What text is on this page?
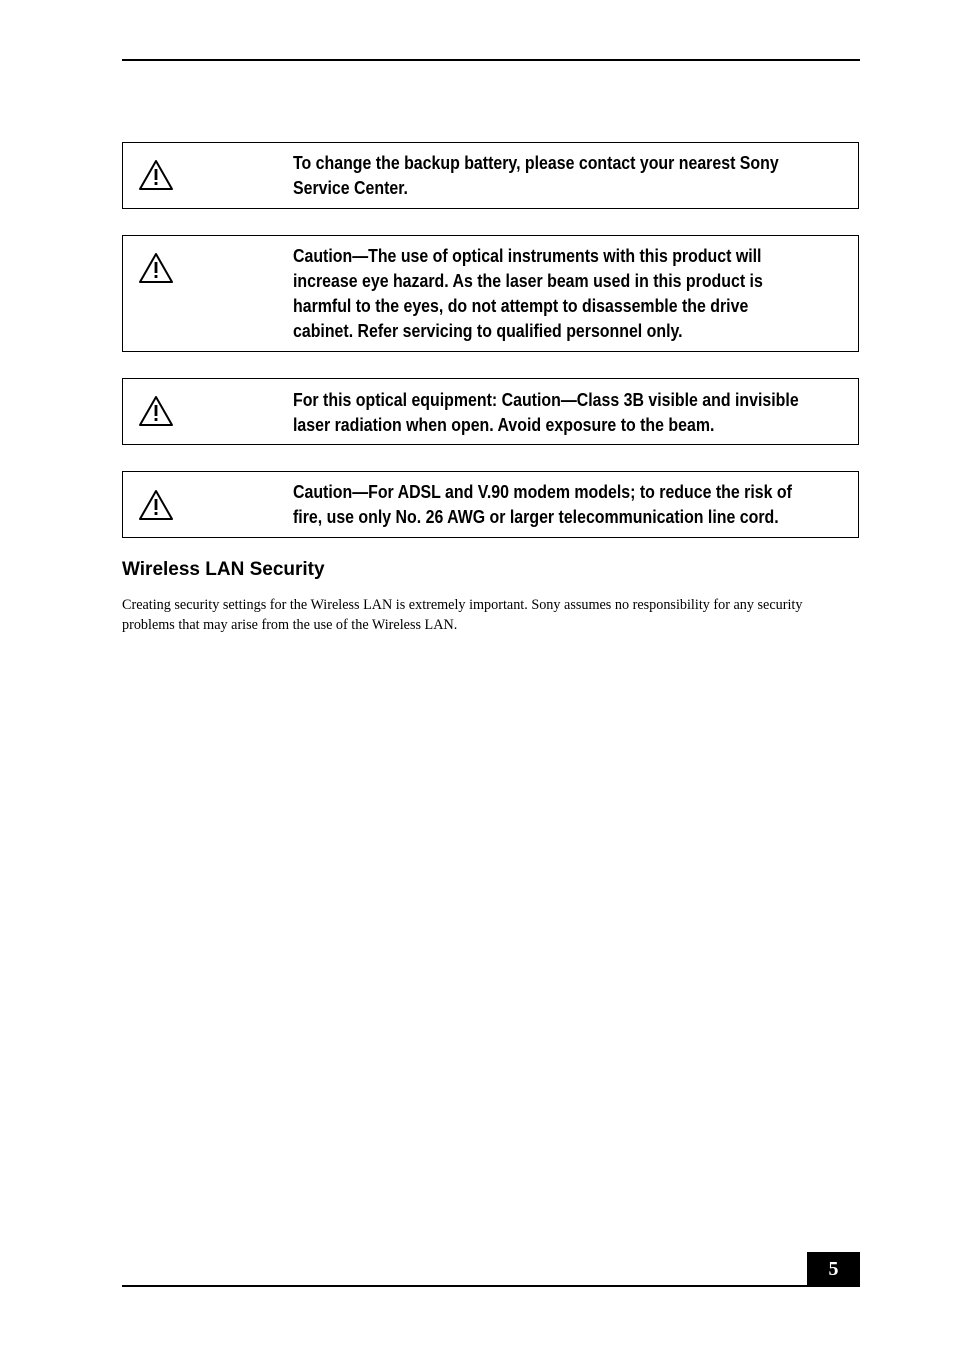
To change the backup battery, please contact your nearest Sony
Service Center.
Caution—The use of optical instruments with this product will
increase eye hazard. As the laser beam used in this product is
harmful to the eyes, do not attempt to disassemble the drive
cabinet. Refer servicing to qualified personnel only.
For this optical equipment: Caution—Class 3B visible and invisible
laser radiation when open. Avoid exposure to the beam.
Caution—For ADSL and V.90 modem models; to reduce the risk of
fire, use only No. 26 AWG or larger telecommunication line cord.
Wireless LAN Security

Creating security settings for the Wireless LAN is extremely important. Sony assumes no responsibility for any security problems that may arise from the use of the Wireless LAN.

5
